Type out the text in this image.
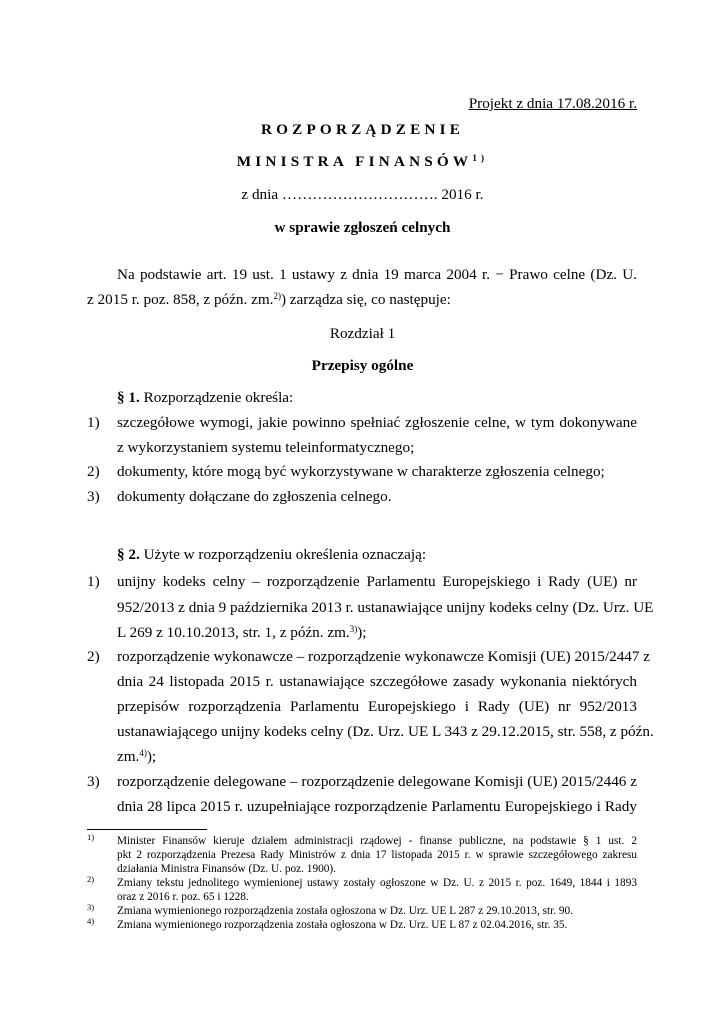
Projekt z dnia 17.08.2016 r.
ROZPORZĄDZENIE
MINISTRA FINANSÓW$^{1)}$
z dnia …………………………. 2016 r.
w sprawie zgłoszeń celnych
Na podstawie art. 19 ust. 1 ustawy z dnia 19 marca 2004 r. − Prawo celne (Dz. U.
z 2015 r. poz. 858, z późn. zm.$^{2)}$) zarządza się, co następuje:
Rozdział 1
Przepisy ogólne
§ 1. Rozporządzenie określa:
1) szczegółowe wymogi, jakie powinno spełniać zgłoszenie celne, w tym dokonywane
z wykorzystaniem systemu teleinformatycznego;
2) dokumenty, które mogą być wykorzystywane w charakterze zgłoszenia celnego;
3) dokumenty dołączane do zgłoszenia celnego.
§ 2. Użyte w rozporządzeniu określenia oznaczają:
1) unijny kodeks celny – rozporządzenie Parlamentu Europejskiego i Rady (UE) nr
952/2013 z dnia 9 października 2013 r. ustanawiające unijny kodeks celny (Dz. Urz. UE
L 269 z 10.10.2013, str. 1, z późn. zm.$^{3)}$);
2) rozporządzenie wykonawcze – rozporządzenie wykonawcze Komisji (UE) 2015/2447 z
dnia 24 listopada 2015 r. ustanawiające szczegółowe zasady wykonania niektórych
przepisów rozporządzenia Parlamentu Europejskiego i Rady (UE) nr 952/2013
ustanawiającego unijny kodeks celny (Dz. Urz. UE L 343 z 29.12.2015, str. 558, z późn.
zm.$^{4)}$);
3) rozporządzenie delegowane – rozporządzenie delegowane Komisji (UE) 2015/2446 z
dnia 28 lipca 2015 r. uzupełniające rozporządzenie Parlamentu Europejskiego i Rady
1) Minister Finansów kieruje działem administracji rządowej - finanse publiczne, na podstawie § 1 ust. 2
pkt 2 rozporządzenia Prezesa Rady Ministrów z dnia 17 listopada 2015 r. w sprawie szczegółowego zakresu
działania Ministra Finansów (Dz. U. poz. 1900).
2) Zmiany tekstu jednolitego wymienionej ustawy zostały ogłoszone w Dz. U. z 2015 r. poz. 1649, 1844 i 1893
oraz z 2016 r. poz. 65 i 1228.
3) Zmiana wymienionego rozporządzenia została ogłoszona w Dz. Urz. UE L 287 z 29.10.2013, str. 90.
4) Zmiana wymienionego rozporządzenia została ogłoszona w Dz. Urz. UE L 87 z 02.04.2016, str. 35.
